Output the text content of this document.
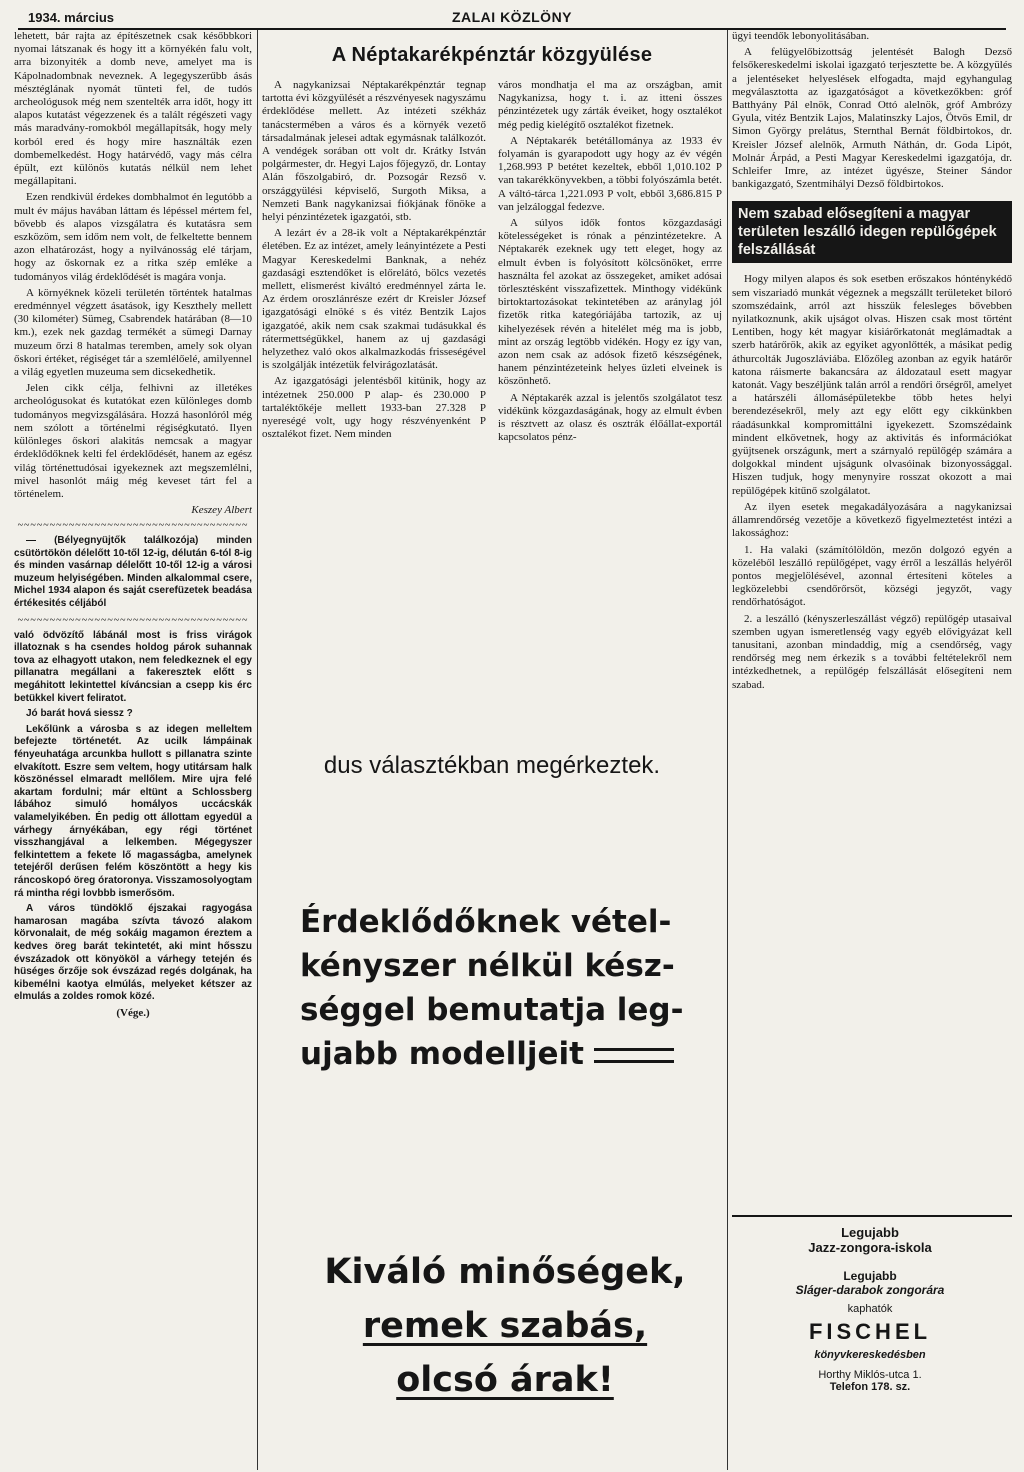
1934. március	ZALAI KÖZLÖNY

lehetett, bár rajta az építészetnek csak későbbkori nyomai látszanak és hogy itt a környékén falu volt, arra bizonyiték a domb neve, amelyet ma is Kápolnadombnak neveznek. A legegyszerűbb ásás mésztéglának nyomát tünteti fel, de tudós archeológusok még nem szentelték arra időt, hogy itt alapos kutatást végezzenek és a talált régészeti vagy más maradvány-romokból megállapítsák, hogy mely korból ered és hogy mire használták ezen dombemelkedést. Hogy határvédő, vagy más célra épült, ezt különös kutatás nélkül nem lehet megállapitani.

Ezen rendkivül érdekes dombhalmot én legutóbb a mult év május havában láttam és lépéssel mértem fel, bővebb és alapos vizsgálatra és kutatásra sem eszközöm, sem időm nem volt, de felkeltette bennem azon elhatározást, hogy a nyilvánosság elé tárjam, hogy az őskornak ez a ritka szép emléke a tudományos világ érdeklődését is magára vonja.

A környéknek közeli területén történtek hatalmas eredménnyel végzett ásatások, igy Keszthely mellett (30 kilométer) Sümeg, Csabrendek határában (8—10 km.), ezek nek gazdag termékét a sümegi Darnay muzeum őrzi 8 hatalmas teremben, amely sok olyan őskori értéket, régiséget tár a szemlélőelé, amilyennel a világ egyetlen muzeuma sem dicsekedhetik.

Jelen cikk célja, felhivni az illetékes archeológusokat és kutatókat ezen különleges domb tudományos megvizsgálására. Hozzá hasonlóról még nem szólott a történelmi régiségkutató. Ilyen különleges őskori alakitás nemcsak a magyar érdeklődőknek kelti fel érdeklődését, hanem az egész világ történettudósai igyekeznek azt megszemlélni, mivel hasonlót máig még keveset tárt fel a történelem.

Keszey Albert
~~~~~~~~~~~~~~~~~~~~~~~~~~~~~~~~~~~~

— (Bélyegnyüjtők találkozója) minden csütörtökön délelőtt 10-től 12-ig, délután 6-tól 8-ig és minden vasárnap délelőtt 10-től 12-ig a városi muzeum helyiségében. Minden alkalommal csere, Michel 1934 alapon és saját cserefüzetek beadása értékesités céljából

~~~~~~~~~~~~~~~~~~~~~~~~~~~~~~~~~~~~

való ödvözítő lábánál most is friss virágok illatoznak s ha csendes holdog párok suhannak tova az elhagyott utakon, nem feledkeznek el egy pillanatra megállani a fakeresztek előtt s megáhitott lekintettel kíváncsian a csepp kis érc betükkel kivert feliratot.

Jó barát hová siessz ?

Lekőlünk a városba s az idegen melleltem befejezte történetét. Az ucilk lámpáinak fényeuhatága arcunkba hullott s pillanatra szinte elvakított. Eszre sem veltem, hogy utitársam halk köszönéssel elmaradt mellőlem. Mire ujra felé akartam fordulni; már eltünt a Schlossberg lábához simuló homályos uccácskák valamelyikében. Én pedig ott állottam egyedül a várhegy árnyékában, egy régi történet visszhangjával a lelkemben. Mégegyszer felkintettem a fekete lő magasságba, amelynek tetejéről derűsen felém köszöntött a hegy kis ráncoskopó öreg óratoronya. Visszamosolyogtam rá mintha régi lovbbb ismerősöm.

A város tündöklő éjszakai ragyogása hamarosan magába szívta távozó alakom körvonalait, de még sokáig magamon éreztem a kedves öreg barát tekintetét, aki mint hősszu évszázadok ott könyököl a várhegy tetején és hüséges őrzője sok évszázad regés dolgának, ha kibemélni kaotya elmúlás, melyeket kétszer az elmulás a zoldes romok közé.

(Vége.)
A Néptakarékpénztár közgyülése

A nagykanizsai Néptakarékpénztár tegnap tartotta évi közgyülését a részvényesek nagyszámu érdeklődése mellett. Az intézeti székház tanácstermében a város és a környék vezető társadalmának jelesei adtak egymásnak találkozót. A vendégek sorában ott volt dr. Krátky István polgármester, dr. Hegyi Lajos főjegyző, dr. Lontay Alán főszolgabiró, dr. Pozsogár Rezső v. országgyülési képviselő, Surgoth Miksa, a Nemzeti Bank nagykanizsai fiókjának főnöke a helyi pénzintézetek igazgatói, stb.

A lezárt év a 28-ik volt a Néptakarékpénztár életében. Ez az intézet, amely leányintézete a Pesti Magyar Kereskedelmi Banknak, a nehéz gazdasági esztendőket is előrelátó, bölcs vezetés mellett, elismerést kiváltó eredménnyel zárta le. Az érdem oroszlánrésze ezért dr Kreisler József igazgatósági elnöké s és vitéz Bentzik Lajos igazgatóé, akik nem csak szakmai tudásukkal és rátermettségükkel, hanem az uj gazdasági helyzethez való okos alkalmazkodás frisseségével is szolgálják intézetük felvirágozlatását.

Az igazgatósági jelentésből kitünik, hogy az intézetnek 250.000 P alap- és 230.000 P tartaléktőkéje mellett 1933-ban 27.328 P nyereségé volt, ugy hogy részvényenként P osztalékot fizet. Nem minden

város mondhatja el ma az országban, amit Nagykanizsa, hogy t. i. az itteni összes pénzintézetek ugy zárták éveiket, hogy osztalékot még pedig kielégítő osztalékot fizetnek.

A Néptakarék betétállománya az 1933 év folyamán is gyarapodott ugy hogy az év végén 1,268.993 P betétet kezeltek, ebből 1,010.102 P van takarékkönyvekben, a többi folyószámla betét. A váltó-tárca 1,221.093 P volt, ebből 3,686.815 P van jelzáloggal fedezve.

A súlyos idők fontos közgazdasági kötelességeket is rónak a pénzintézetekre. A Néptakarék ezeknek ugy tett eleget, hogy az elmult évben is folyósított kölcsönöket, errre használta fel azokat az összegeket, amiket adósai törlesztésként visszafizettek. Minthogy vidékünk birtoktartozásokat tekintetében az aránylag jól fizetők ritka kategóriájába tartozik, az uj kihelyezések révén a hitelélet még ma is jobb, mint az ország legtöbb vidékén. Hogy ez így van, azon nem csak az adósok fizető készségének, hanem pénzintézeteink helyes üzleti elveinek is köszönhető.

A Néptakarék azzal is jelentős szolgálatot tesz vidékünk közgazdaságának, hogy az elmult évben is résztvett az olasz és osztrák élőállat-exportál kapcsolatos pénz-

dus választékban megérkeztek.
Érdeklődőknek vétel-
kényszer nélkül kész-
séggel bemutatja leg-
ujabb modelljeit
Kiváló minőségek,
remek szabás,
olcsó árak!

ügyi teendők lebonyolitásában.

A felügyelőbizottság jelentését Balogh Dezső felsőkereskedelmi iskolai igazgató terjesztette be. A közgyülés a jelentéseket helyeslések elfogadta, majd egyhangulag megválasztotta az igazgatóságot a következőkben: gróf Batthyány Pál elnök, Conrad Ottó alelnök, gróf Ambrózy Gyula, vitéz Bentzik Lajos, Malatinszky Lajos, Ötvös Emil, dr Simon György prelátus, Sternthal Bernát földbirtokos, dr. Kreisler József alelnök, Armuth Náthán, dr. Goda Lipót, Molnár Árpád, a Pesti Magyar Kereskedelmi igazgatója, dr. Schleifer Imre, az intézet ügyésze, Steiner Sándor bankigazgató, Szentmihályi Dezső földbirtokos.

Nem szabad elősegíteni a magyar területen leszálló idegen repülőgépek felszállását

Hogy milyen alapos és sok esetben erőszakos hónténykédő sem viszariadó munkát végeznek a megszállt területeket biloró szomszédaink, arról azt hisszük felesleges bővebben nyilatkoznunk, akik ujságot olvas. Hiszen csak most történt Lentiben, hogy két magyar kisiárőrkatonát meglámadtak a szerb határőrök, akik az egyiket agyonlőtték, a másikat pedig áthurcolták Jugoszláviába. Előzőleg azonban az egyik határőr katona ráismerte bakancsára az áldozataul esett magyar katonát. Vagy beszéljünk talán arról a rendőri őrségről, amelyet a határszéli állomásépületekbe több hetes helyi berendezésekről, mely azt egy előtt egy cikkünkben ráadásunkkal kompromittálni igyekezett. Szomszédaink mindent elkövetnek, hogy az aktivitás és információkat gyüjtsenek országunk, mert a szárnyaló repülőgép számára a dolgokkal mindent ujságunk olvasóinak bizonyossággal. Hiszen tudjuk, hogy menynyire rosszat okozott a mai repülőgépek kitűnő szolgálatot.

Az ilyen esetek megakadályozására a nagykanizsai államrendőrség vezetője a következő figyelmeztetést intézi a lakossághoz:

1. Ha valaki (számítólöldön, mezőn dolgozó egyén a közeléből leszálló repülőgépet, vagy érről a leszállás helyéről pontos megjelölésével, azonnal értesíteni köteles a legközelebbi csendőrőrsöt, községi jegyzőt, vagy rendőrhatóságot.

2. a leszálló (kényszerleszállást végző) repülőgép utasaival szemben ugyan ismeretlenség vagy egyéb elővigyázat kell tanusitani, azonban mindaddig, míg a csendőrség, vagy rendőrség meg nem érkezik s a további feltételekről nem intézkedhetnek, a repülőgép felszállását elősegíteni nem szabad.

Legujabb
Jazz-zongora-iskola
Legujabb
Sláger-darabok zongorára
kaphatók
FISCHEL
könyvkereskedésben
Horthy Miklós-utca 1.
Telefon 178. sz.
